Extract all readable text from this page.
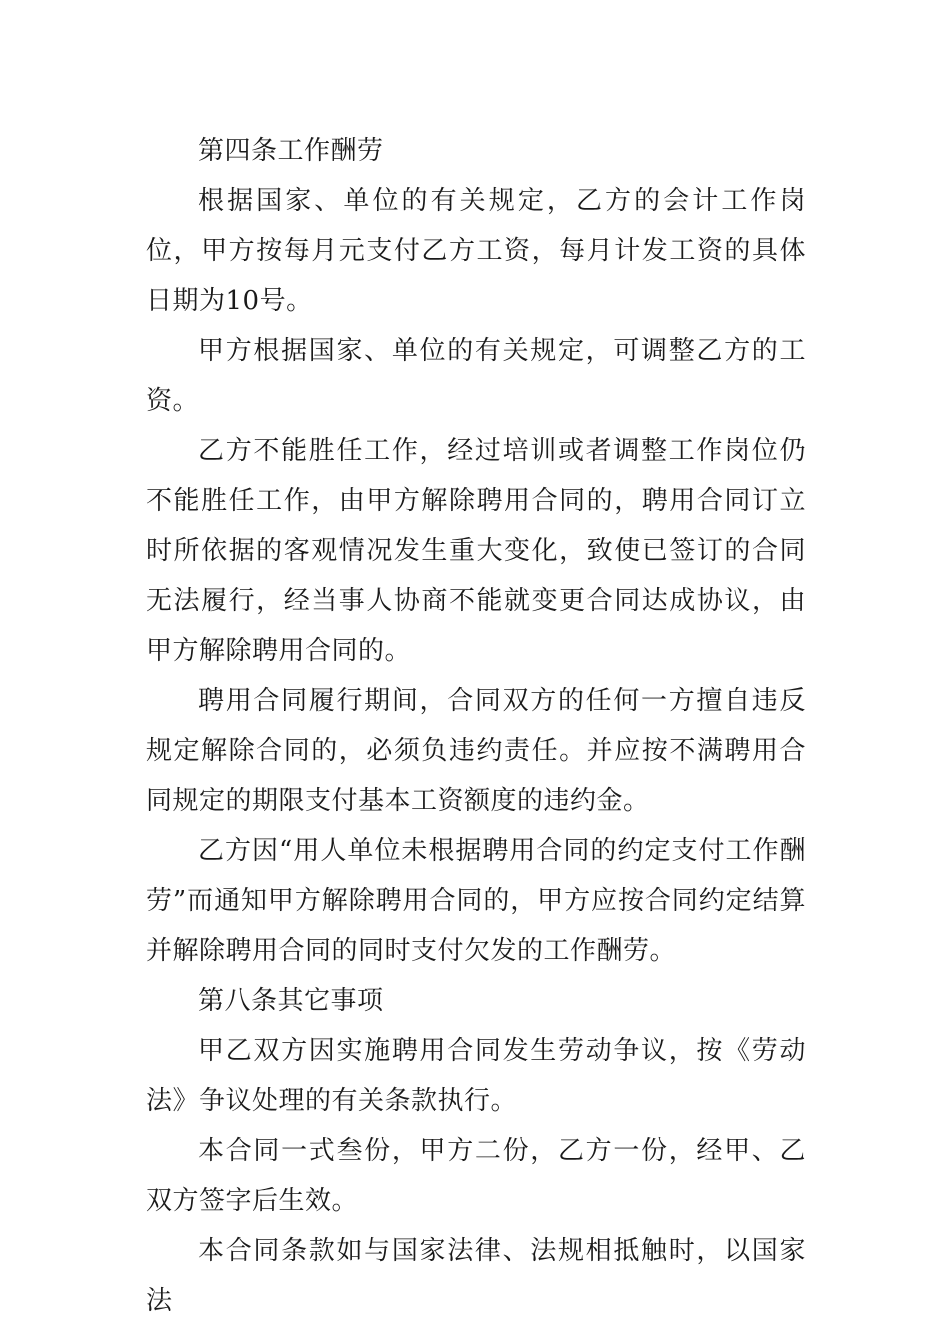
第四条工作酬劳

根据国家、单位的有关规定，乙方的会计工作岗位，甲方按每月元支付乙方工资，每月计发工资的具体日期为10号。

甲方根据国家、单位的有关规定，可调整乙方的工资。

乙方不能胜任工作，经过培训或者调整工作岗位仍不能胜任工作，由甲方解除聘用合同的，聘用合同订立时所依据的客观情况发生重大变化，致使已签订的合同无法履行，经当事人协商不能就变更合同达成协议，由甲方解除聘用合同的。

聘用合同履行期间，合同双方的任何一方擅自违反规定解除合同的，必须负违约责任。并应按不满聘用合同规定的期限支付基本工资额度的违约金。

乙方因“用人单位未根据聘用合同的约定支付工作酬劳”而通知甲方解除聘用合同的，甲方应按合同约定结算并解除聘用合同的同时支付欠发的工作酬劳。

第八条其它事项

甲乙双方因实施聘用合同发生劳动争议，按《劳动法》争议处理的有关条款执行。

本合同一式叁份，甲方二份，乙方一份，经甲、乙双方签字后生效。

本合同条款如与国家法律、法规相抵触时，以国家法
